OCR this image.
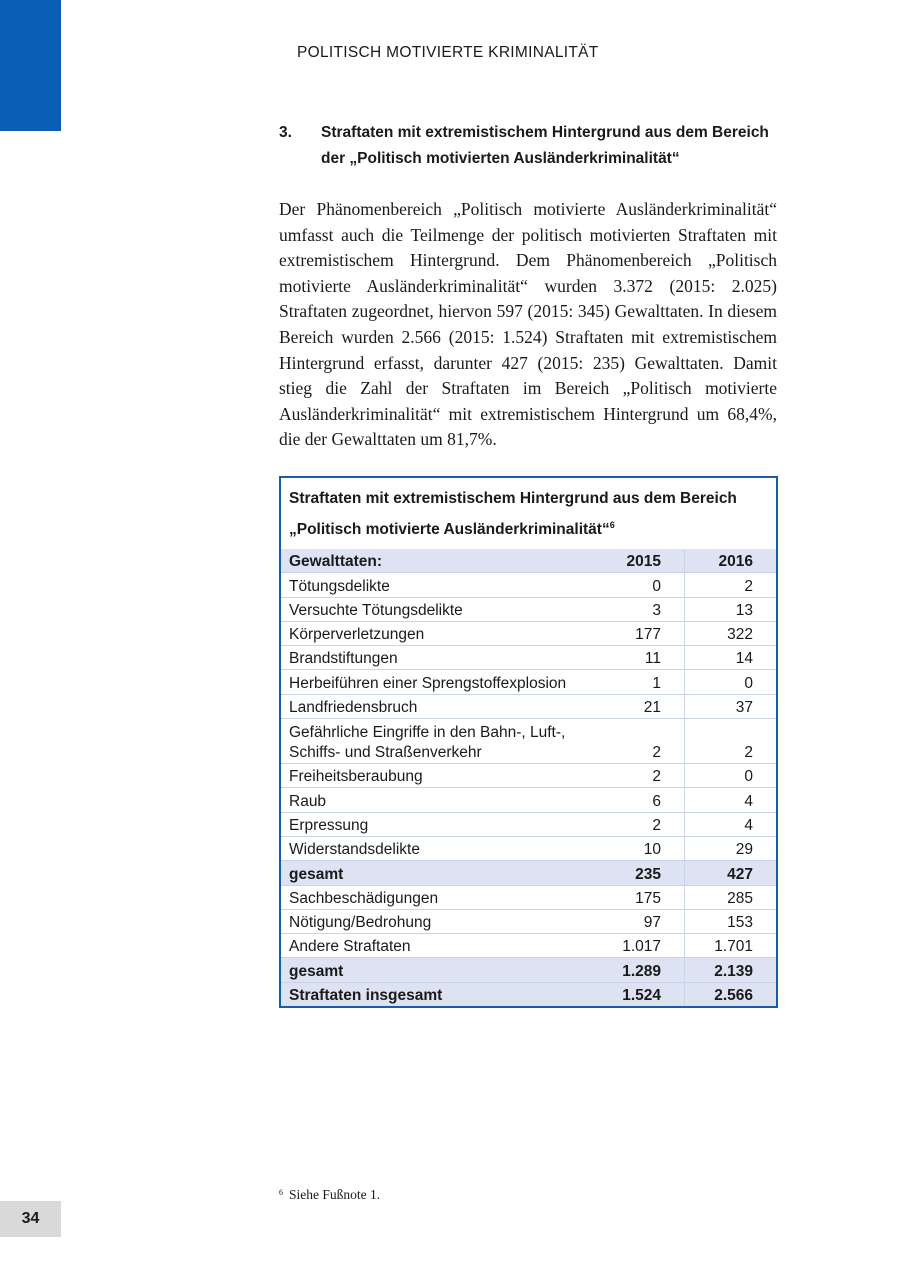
POLITISCH MOTIVIERTE KRIMINALITÄT
3.	Straftaten mit extremistischem Hintergrund aus dem Bereich der „Politisch motivierten Ausländerkriminalität“

Der Phänomenbereich „Politisch motivierte Ausländerkriminalität“ umfasst auch die Teilmenge der politisch motivierten Straftaten mit extremistischem Hintergrund. Dem Phänomenbereich „Politisch motivierte Ausländerkriminalität“ wurden 3.372 (2015: 2.025) Straftaten zugeordnet, hiervon 597 (2015: 345) Gewalttaten. In diesem Bereich wurden 2.566 (2015: 1.524) Straftaten mit extremistischem Hintergrund erfasst, darunter 427 (2015: 235) Gewalttaten. Damit stieg die Zahl der Straftaten im Bereich „Politisch motivierte Ausländerkriminalität“ mit extremistischem Hintergrund um 68,4%, die der Gewalttaten um 81,7%.

Straftaten mit extremistischem Hintergrund aus dem Bereich „Politisch motivierte Ausländerkriminalität“$^6$
Gewalttaten:	2015	2016
Tötungsdelikte	0	2
Versuchte Tötungsdelikte	3	13
Körperverletzungen	177	322
Brandstiftungen	11	14
Herbeiführen einer Sprengstoffexplosion	1	0
Landfriedensbruch	21	37
Gefährliche Eingriffe in den Bahn-, Luft-,
Schiffs- und Straßenverkehr	2	2
Freiheitsberaubung	2	0
Raub	6	4
Erpressung	2	4
Widerstandsdelikte	10	29
gesamt	235	427
Sachbeschädigungen	175	285
Nötigung/Bedrohung	97	153
Andere Straftaten	1.017	1.701
gesamt	1.289	2.139
Straftaten insgesamt	1.524	2.566
$^6$ Siehe Fußnote 1.
34
